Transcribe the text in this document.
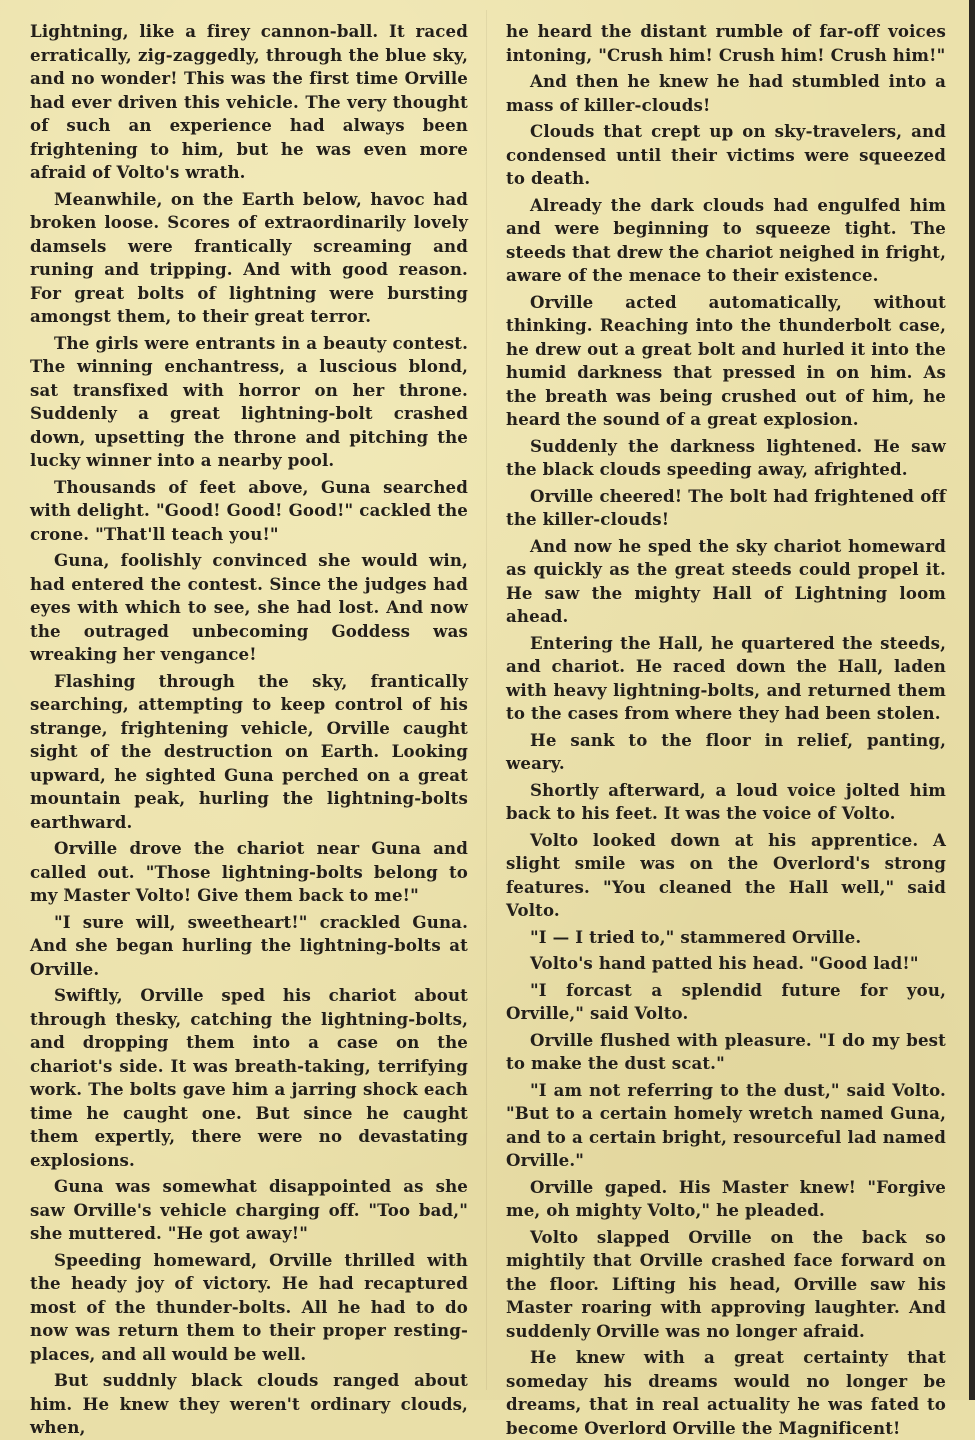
Lightning, like a firey cannon-ball. It raced erratically, zig-zaggedly, through the blue sky, and no wonder! This was the first time Orville had ever driven this vehicle. The very thought of such an experience had always been frightening to him, but he was even more afraid of Volto's wrath.

Meanwhile, on the Earth below, havoc had broken loose. Scores of extraordinarily lovely damsels were frantically screaming and runing and tripping. And with good reason. For great bolts of lightning were bursting amongst them, to their great terror.

The girls were entrants in a beauty contest. The winning enchantress, a luscious blond, sat transfixed with horror on her throne. Suddenly a great lightning-bolt crashed down, upsetting the throne and pitching the lucky winner into a nearby pool.

Thousands of feet above, Guna searched with delight. "Good! Good! Good!" cackled the crone. "That'll teach you!"

Guna, foolishly convinced she would win, had entered the contest. Since the judges had eyes with which to see, she had lost. And now the outraged unbecoming Goddess was wreaking her vengance!

Flashing through the sky, frantically searching, attempting to keep control of his strange, frightening vehicle, Orville caught sight of the destruction on Earth. Looking upward, he sighted Guna perched on a great mountain peak, hurling the lightning-bolts earthward.

Orville drove the chariot near Guna and called out. "Those lightning-bolts belong to my Master Volto! Give them back to me!"

"I sure will, sweetheart!" crackled Guna. And she began hurling the lightning-bolts at Orville.

Swiftly, Orville sped his chariot about through thesky, catching the lightning-bolts, and dropping them into a case on the chariot's side. It was breath-taking, terrifying work. The bolts gave him a jarring shock each time he caught one. But since he caught them expertly, there were no devastating explosions.

Guna was somewhat disappointed as she saw Orville's vehicle charging off. "Too bad," she muttered. "He got away!"

Speeding homeward, Orville thrilled with the heady joy of victory. He had recaptured most of the thunder-bolts. All he had to do now was return them to their proper resting-places, and all would be well.

But suddnly black clouds ranged about him. He knew they weren't ordinary clouds, when,

he heard the distant rumble of far-off voices intoning, "Crush him! Crush him! Crush him!"

And then he knew he had stumbled into a mass of killer-clouds!

Clouds that crept up on sky-travelers, and condensed until their victims were squeezed to death.

Already the dark clouds had engulfed him and were beginning to squeeze tight. The steeds that drew the chariot neighed in fright, aware of the menace to their existence.

Orville acted automatically, without thinking. Reaching into the thunderbolt case, he drew out a great bolt and hurled it into the humid darkness that pressed in on him. As the breath was being crushed out of him, he heard the sound of a great explosion.

Suddenly the darkness lightened. He saw the black clouds speeding away, afrighted.

Orville cheered! The bolt had frightened off the killer-clouds!

And now he sped the sky chariot homeward as quickly as the great steeds could propel it. He saw the mighty Hall of Lightning loom ahead.

Entering the Hall, he quartered the steeds, and chariot. He raced down the Hall, laden with heavy lightning-bolts, and returned them to the cases from where they had been stolen.

He sank to the floor in relief, panting, weary.

Shortly afterward, a loud voice jolted him back to his feet. It was the voice of Volto.

Volto looked down at his apprentice. A slight smile was on the Overlord's strong features. "You cleaned the Hall well," said Volto.

"I — I tried to," stammered Orville.

Volto's hand patted his head. "Good lad!"

"I forcast a splendid future for you, Orville," said Volto.

Orville flushed with pleasure. "I do my best to make the dust scat."

"I am not referring to the dust," said Volto. "But to a certain homely wretch named Guna, and to a certain bright, resourceful lad named Orville."

Orville gaped. His Master knew! "Forgive me, oh mighty Volto," he pleaded.

Volto slapped Orville on the back so mightily that Orville crashed face forward on the floor. Lifting his head, Orville saw his Master roaring with approving laughter. And suddenly Orville was no longer afraid.

He knew with a great certainty that someday his dreams would no longer be dreams, that in real actuality he was fated to become Overlord Orville the Magnificent!
